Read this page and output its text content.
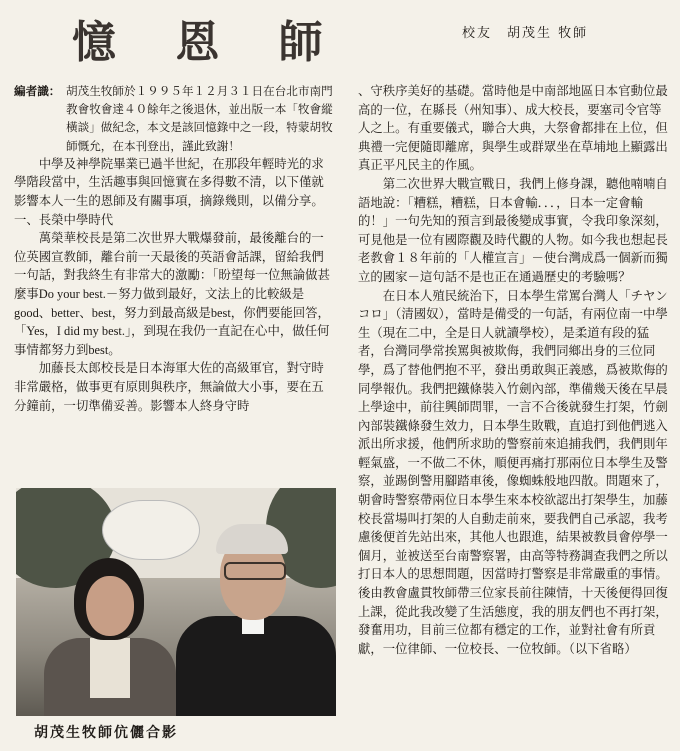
憶 恩 師	校友　胡茂生 牧師
編者識： 胡茂生牧師於１９９５年１２月３１日在台北市南門教會牧會達４０餘年之後退休，並出版一本「牧會縱橫談」做紀念，本文是該回憶錄中之一段，特蒙胡牧師慨允，在本刊登出，謹此致謝！

中學及神學院畢業已過半世紀，在那段年輕時光的求學階段當中，生活趣事與回憶實在多得數不清，以下僅就影響本人一生的恩師及有關事項，摘錄幾則，以備分享。

一、長榮中學時代

萬榮華校長是第二次世界大戰爆發前，最後離台的一位英國宣教師，離台前一天最後的英語會話課，留給我們一句話，對我終生有非常大的激勵：「盼望每一位無論做甚麼事Do your best.－努力做到最好，文法上的比較級是good、better、best，努力到最高級是best，你們要能回答，「Yes，I did my best.」，到現在我仍一直記在心中，做任何事情都努力到best。

加藤長太郎校長是日本海軍大佐的高級軍官，對守時非常嚴格，做事更有原則與秩序，無論做大小事，要在五分鐘前，一切準備妥善。影響本人終身守時

胡茂生牧師伉儷合影

、守秩序美好的基礎。當時他是中南部地區日本官動位最高的一位，在縣長（州知事）、成大校長，要塞司令官等人之上。有重要儀式，聯合大典，大祭會都排在上位，但典禮一完便隨即離席，與學生或群眾坐在草埔地上顯露出真正平凡民主的作風。

第二次世界大戰宣戰日，我們上修身課，聽他喃喃自語地說：「糟糕，糟糕，日本會輸．．．，日本一定會輸的！」一句先知的預言到最後變成事實，令我印象深刻，可見他是一位有國際觀及時代觀的人物。如今我也想起長老教會１８年前的「人權宣言」－使台灣成爲一個新而獨立的國家－這句話不是也正在通過歷史的考驗嗎？

在日本人殖民統治下，日本學生常罵台灣人「チヤンコロ」（清國奴），當時是備受的一句話，有兩位南一中學生（現在二中，全是日人就讀學校），是柔道有段的猛者，台灣同學常挨罵與被欺侮，我們同鄉出身的三位同學，爲了替他們抱不平，發出勇敢與正義感，爲被欺侮的同學報仇。我們把鐵條裝入竹劍內部，準備幾天後在早晨上學途中，前往興師問罪，一言不合後就發生打架，竹劍內部裝鐵條發生效力，日本學生敗戰，直追打到他們逃入派出所求援，他們所求助的警察前來追捕我們，我們則年輕氣盛，一不做二不休，順便再痛打那兩位日本學生及警察，並踢倒警用腳踏車後，像蜘蛛般地四散。問題來了，朝會時警察帶兩位日本學生來本校欲認出打架學生，加藤校長當場叫打架的人自動走前來，要我們自己承認，我考慮後便首先站出來，其他人也跟進，結果被教員會停學一個月，並被送至台南警察署，由高等特務調查我們之所以打日本人的思想問題，因當時打警察是非常嚴重的事情。後由教會盧貫牧師帶三位家長前往陳情，十天後便得回復上課，從此我改變了生活態度，我的朋友們也不再打架，發奮用功，目前三位都有穩定的工作，並對社會有所貢獻，一位律師、一位校長、一位牧師。（以下省略）
